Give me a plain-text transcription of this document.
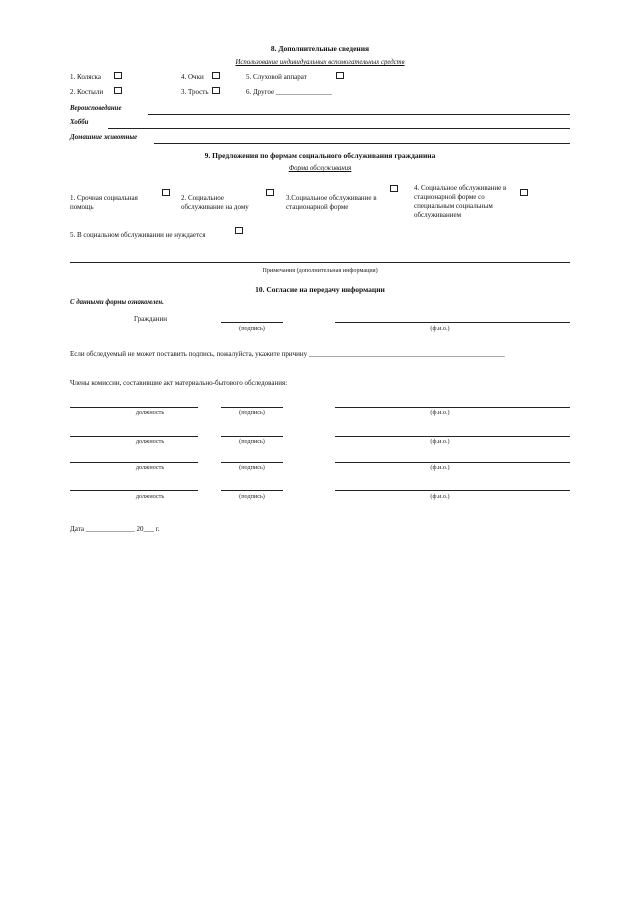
8. Дополнительные сведения
Использование индивидуальных вспомогательных средств
1. Коляска	4. Очки	5. Слуховой аппарат
2. Костыли	3. Трость	6. Другое ________________
Вероисповедание
Хобби
Домашние животные
9. Предложения по формам социального обслуживания гражданина
Форма обслуживания
1. Срочная социальная помощь
2. Социальное обслуживание на дому
3.Социальное обслуживание в стационарной форме
4. Социальное обслуживание в стационарной форме со специальным социальным обслуживанием
5. В социальном обслуживании не нуждается
Примечания (дополнительная информация)
10. Согласие на передачу информации
С данными формы ознакомлен.
Гражданин
(подпись)	(ф.и.о.)
Если обследуемый не может поставить подпись, пожалуйста, укажите причину ________________________________________________________
Члены комиссии, составившие акт материально-бытового обследования:
должность	(подпись)	(ф.и.о.)
должность	(подпись)	(ф.и.о.)
должность	(подпись)	(ф.и.о.)
должность	(подпись)	(ф.и.о.)
Дата ______________ 20___ г.
